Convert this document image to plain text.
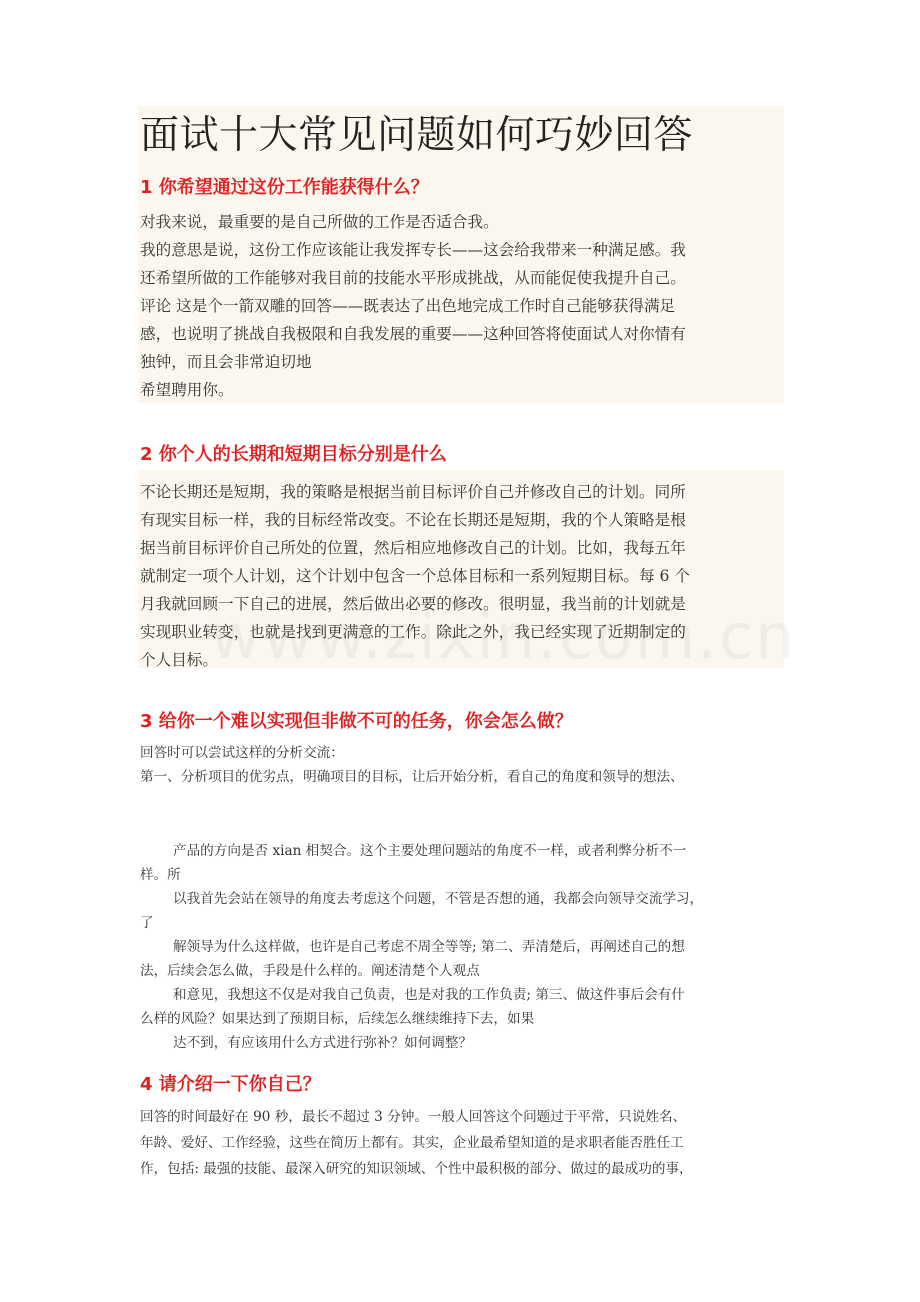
面试十大常见问题如何巧妙回答
1 你希望通过这份工作能获得什么？
对我来说，最重要的是自己所做的工作是否适合我。
我的意思是说，这份工作应该能让我发挥专长——这会给我带来一种满足感。我
还希望所做的工作能够对我目前的技能水平形成挑战，从而能促使我提升自己。
评论 这是个一箭双雕的回答——既表达了出色地完成工作时自己能够获得满足
感，也说明了挑战自我极限和自我发展的重要——这种回答将使面试人对你情有
独钟，而且会非常迫切地
希望聘用你。
2 你个人的长期和短期目标分别是什么
不论长期还是短期，我的策略是根据当前目标评价自己并修改自己的计划。同所
有现实目标一样，我的目标经常改变。不论在长期还是短期，我的个人策略是根
据当前目标评价自己所处的位置，然后相应地修改自己的计划。比如，我每五年
就制定一项个人计划，这个计划中包含一个总体目标和一系列短期目标。每 6 个
月我就回顾一下自己的进展，然后做出必要的修改。很明显，我当前的计划就是
实现职业转变，也就是找到更满意的工作。除此之外，我已经实现了近期制定的
个人目标。
3 给你一个难以实现但非做不可的任务，你会怎么做？
回答时可以尝试这样的分析交流：
第一、分析项目的优劣点，明确项目的目标，让后开始分析，看自己的角度和领导的想法、
产品的方向是否 xian 相契合。这个主要处理问题站的角度不一样，或者利弊分析不一
样。所
以我首先会站在领导的角度去考虑这个问题，不管是否想的通，我都会向领导交流学习，
了
解领导为什么这样做，也许是自己考虑不周全等等; 第二、弄清楚后，再阐述自己的想
法，后续会怎么做，手段是什么样的。阐述清楚个人观点
和意见，我想这不仅是对我自己负责，也是对我的工作负责; 第三、做这件事后会有什
么样的风险？如果达到了预期目标，后续怎么继续维持下去，如果
达不到，有应该用什么方式进行弥补？如何调整？
4 请介绍一下你自己？
回答的时间最好在 90 秒，最长不超过 3 分钟。一般人回答这个问题过于平常，只说姓名、
年龄、爱好、工作经验，这些在简历上都有。其实，企业最希望知道的是求职者能否胜任工
作，包括: 最强的技能、最深入研究的知识领域、个性中最积极的部分、做过的最成功的事，
